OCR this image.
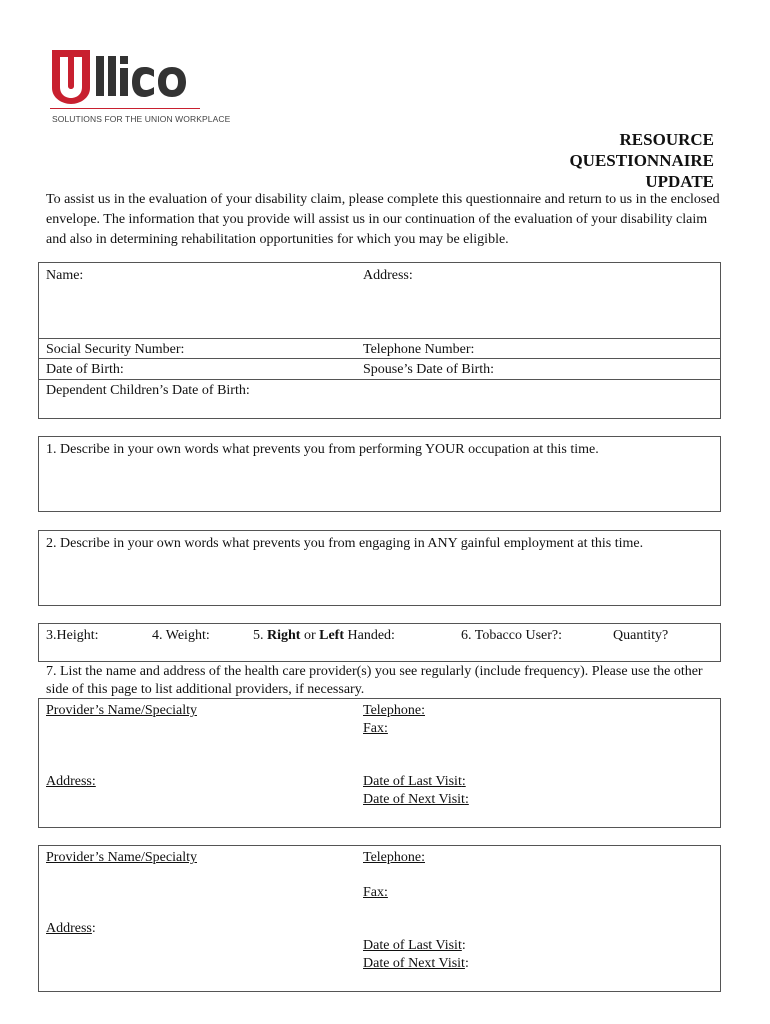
SOLUTIONS FOR THE UNION WORKPLACE
RESOURCE
QUESTIONNAIRE
UPDATE
To assist us in the evaluation of your disability claim, please complete this questionnaire and return to us in the enclosed envelope. The information that you provide will assist us in our continuation of the evaluation of your disability claim and also in determining rehabilitation opportunities for which you may be eligible.
Name:	Address:
Social Security Number:	Telephone Number:
Date of Birth:	Spouse’s Date of Birth:
Dependent Children’s Date of Birth:
1. Describe in your own words what prevents you from performing YOUR occupation at this time.
2. Describe in your own words what prevents you from engaging in ANY gainful employment at this time.
3.Height:	4. Weight:	5. Right or Left Handed:	6. Tobacco User?:	Quantity?
7. List the name and address of the health care provider(s) you see regularly (include frequency). Please use the other side of this page to list additional providers, if necessary.
Provider’s Name/Specialty	Telephone:
Fax:
Address:	Date of Last Visit:
Date of Next Visit:
Provider’s Name/Specialty	Telephone:
Fax:
Address:
Date of Last Visit:
Date of Next Visit:
